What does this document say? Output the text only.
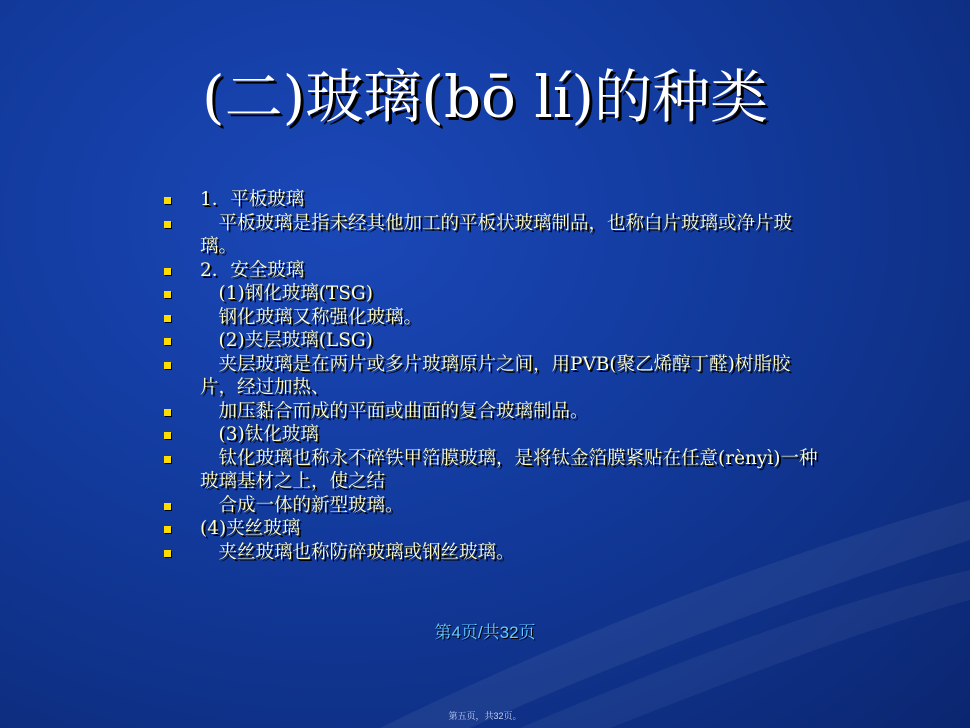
(二)玻璃(bō lí)的种类
1．平板玻璃
　平板玻璃是指未经其他加工的平板状玻璃制品，也称白片玻璃或净片玻璃。
2．安全玻璃
　(1)钢化玻璃(TSG)
　钢化玻璃又称强化玻璃。
　(2)夹层玻璃(LSG)
　夹层玻璃是在两片或多片玻璃原片之间，用PVB(聚乙烯醇丁醛)树脂胶片，经过加热、
　加压黏合而成的平面或曲面的复合玻璃制品。
　(3)钛化玻璃
　钛化玻璃也称永不碎铁甲箔膜玻璃，是将钛金箔膜紧贴在任意(rènyì)一种玻璃基材之上，使之结
　合成一体的新型玻璃。
(4)夹丝玻璃
　夹丝玻璃也称防碎玻璃或钢丝玻璃。
第4页/共32页
第五页，共32页。
